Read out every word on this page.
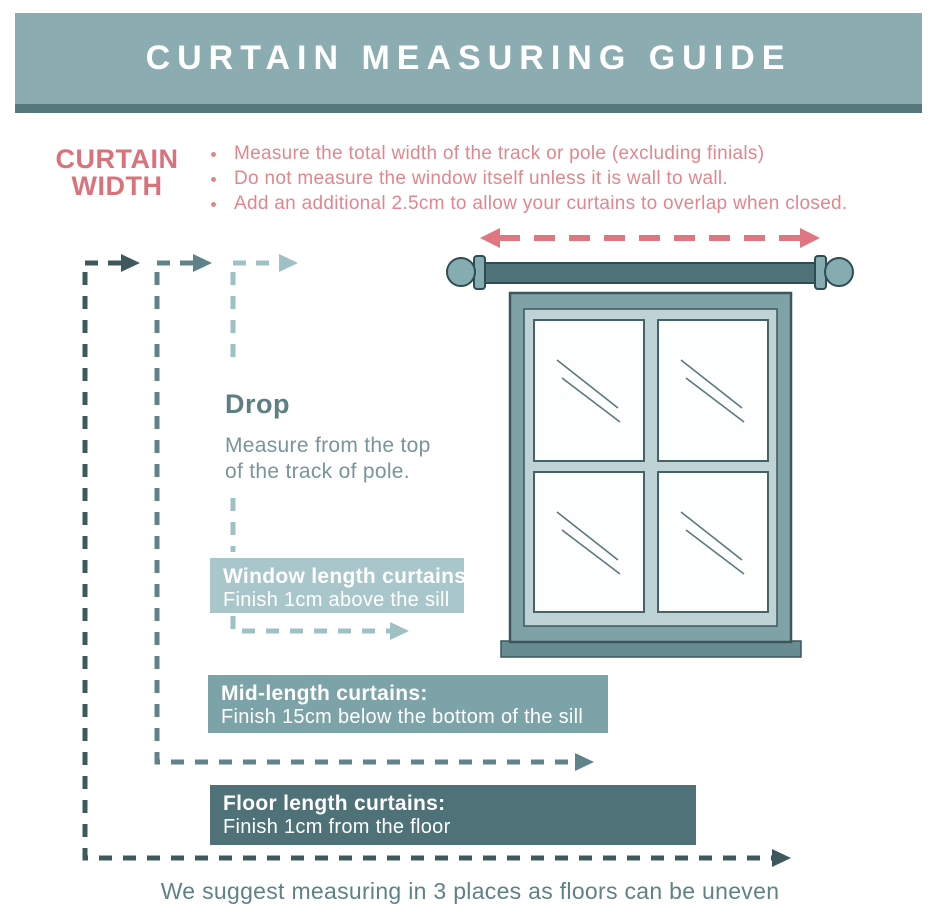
CURTAIN MEASURING GUIDE
CURTAIN
WIDTH
• Measure the total width of the track or pole (excluding finials)
• Do not measure the window itself unless it is wall to wall.
• Add an additional 2.5cm to allow your curtains to overlap when closed.
Drop
Measure from the top of the track of pole.
Window length curtains:
Finish 1cm above the sill
Mid-length curtains:
Finish 15cm below the bottom of the sill
Floor length curtains:
Finish 1cm from the floor
We suggest measuring in 3 places as floors can be uneven
